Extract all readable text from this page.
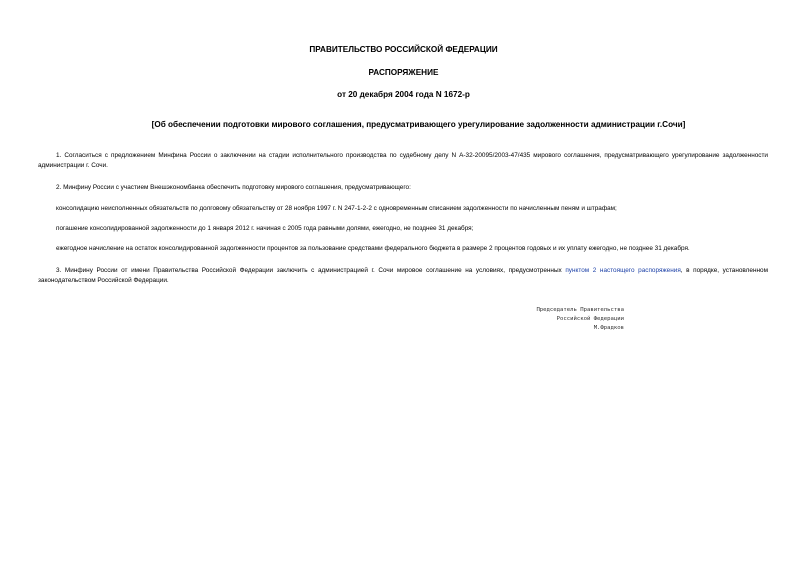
ПРАВИТЕЛЬСТВО РОССИЙСКОЙ ФЕДЕРАЦИИ
РАСПОРЯЖЕНИЕ
от 20 декабря 2004 года N 1672-р
[Об обеспечении подготовки мирового соглашения, предусматривающего урегулирование задолженности администрации г.Сочи]

1. Согласиться с предложением Минфина России о заключении на стадии исполнительного производства по судебному делу N А-32-20095/2003-47/435 мирового соглашения, предусматривающего урегулирование задолженности администрации г. Сочи.

2. Минфину России с участием Внешэкономбанка обеспечить подготовку мирового соглашения, предусматривающего:

консолидацию неисполненных обязательств по долговому обязательству от 28 ноября 1997 г. N 247-1-2-2 с одновременным списанием задолженности по начисленным пеням и штрафам;

погашение консолидированной задолженности до 1 января 2012 г. начиная с 2005 года равными долями, ежегодно, не позднее 31 декабря;

ежегодное начисление на остаток консолидированной задолженности процентов за пользование средствами федерального бюджета в размере 2 процентов годовых и их уплату ежегодно, не позднее 31 декабря.

3. Минфину России от имени Правительства Российской Федерации заключить с администрацией г. Сочи мировое соглашение на условиях, предусмотренных пунктом 2 настоящего распоряжения, в порядке, установленном законодательством Российской Федерации.

Председатель Правительства
Российской Федерации
М.Фрадков
